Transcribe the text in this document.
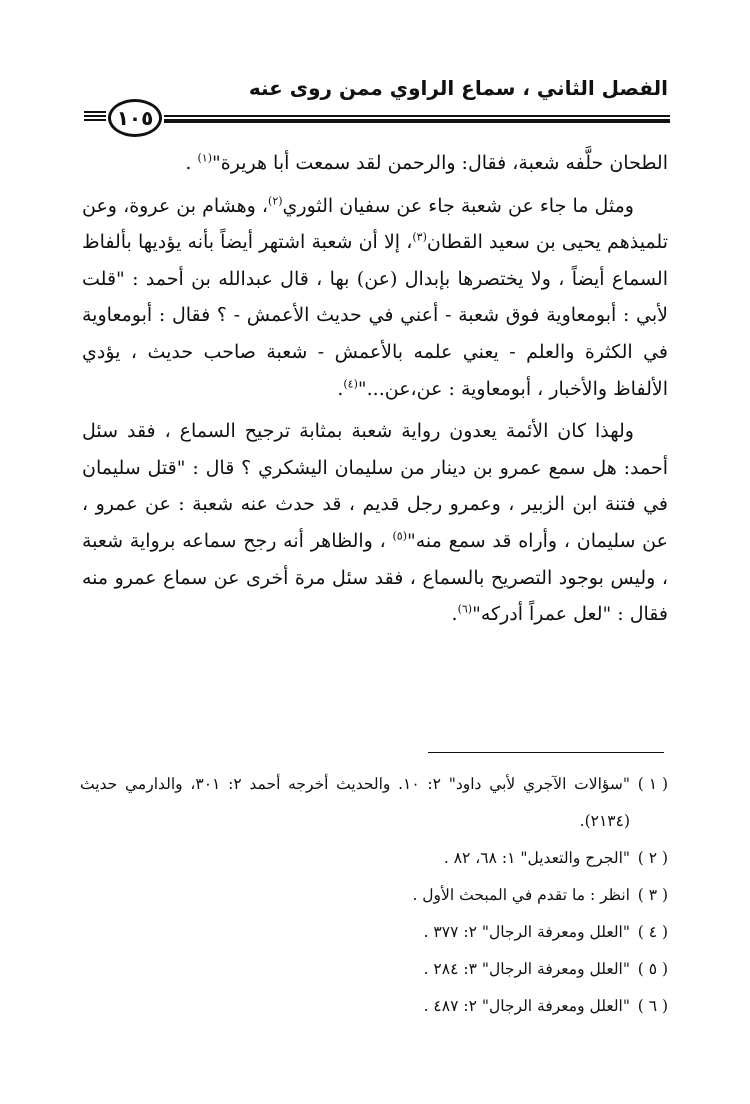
الفصل الثاني ، سماع الراوي ممن روى عنه
١٠٥

الطحان حلَّفه شعبة، فقال: والرحمن لقد سمعت أبا هريرة"$^{(١)}$ .

ومثل ما جاء عن شعبة جاء عن سفيان الثوري$^{(٢)}$، وهشام بن عروة، وعن تلميذهم يحيى بن سعيد القطان$^{(٣)}$، إلا أن شعبة اشتهر أيضاً بأنه يؤديها بألفاظ السماع أيضاً ، ولا يختصرها بإبدال (عن) بها ، قال عبدالله بن أحمد : "قلت لأبي : أبومعاوية فوق شعبة - أعني في حديث الأعمش - ؟ فقال : أبومعاوية في الكثرة والعلم - يعني علمه بالأعمش - شعبة صاحب حديث ، يؤدي الألفاظ والأخبار ، أبومعاوية : عن،عن..."$^{(٤)}$.

ولهذا كان الأئمة يعدون رواية شعبة بمثابة ترجيح السماع ، فقد سئل أحمد: هل سمع عمرو بن دينار من سليمان اليشكري ؟ قال : "قتل سليمان في فتنة ابن الزبير ، وعمرو رجل قديم ، قد حدث عنه شعبة : عن عمرو ، عن سليمان ، وأراه قد سمع منه"$^{(٥)}$ ، والظاهر أنه رجح سماعه برواية شعبة ، وليس بوجود التصريح بالسماع ، فقد سئل مرة أخرى عن سماع عمرو منه فقال : "لعل عمراً أدركه"$^{(٦)}$.

( ١ )
"سؤالات الآجري لأبي داود" ٢: ١٠. والحديث أخرجه أحمد ٢: ٣٠١، والدارمي حديث (٢١٣٤).
( ٢ )
"الجرح والتعديل" ١: ٦٨، ٨٢ .
( ٣ )
انظر : ما تقدم في المبحث الأول .
( ٤ )
"العلل ومعرفة الرجال" ٢: ٣٧٧ .
( ٥ )
"العلل ومعرفة الرجال" ٣: ٢٨٤ .
( ٦ )
"العلل ومعرفة الرجال" ٢: ٤٨٧ .
